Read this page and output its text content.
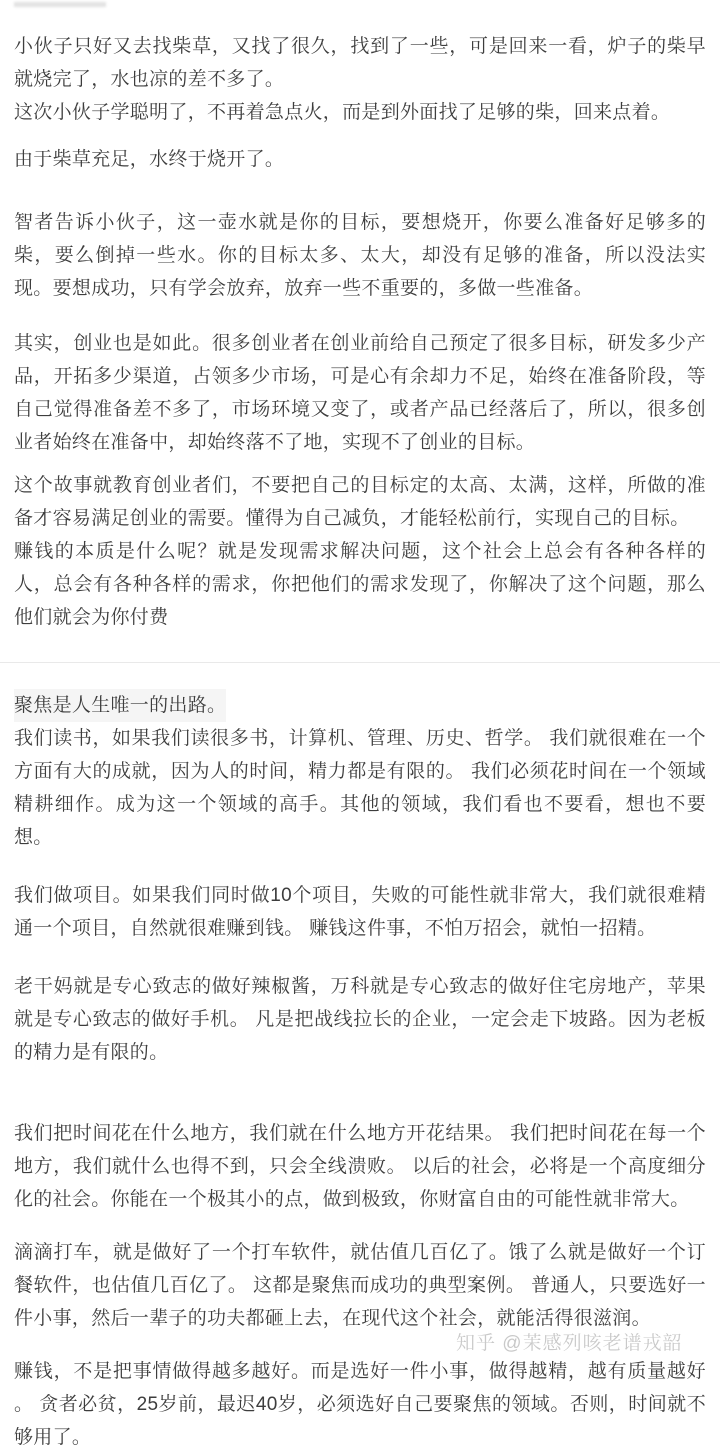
小伙子只好又去找柴草，又找了很久，找到了一些，可是回来一看，炉子的柴早就烧完了，水也凉的差不多了。

这次小伙子学聪明了，不再着急点火，而是到外面找了足够的柴，回来点着。

由于柴草充足，水终于烧开了。

智者告诉小伙子，这一壶水就是你的目标，要想烧开，你要么准备好足够多的柴，要么倒掉一些水。你的目标太多、太大，却没有足够的准备，所以没法实现。要想成功，只有学会放弃，放弃一些不重要的，多做一些准备。

其实，创业也是如此。很多创业者在创业前给自己预定了很多目标，研发多少产品，开拓多少渠道，占领多少市场，可是心有余却力不足，始终在准备阶段，等自己觉得准备差不多了，市场环境又变了，或者产品已经落后了，所以，很多创业者始终在准备中，却始终落不了地，实现不了创业的目标。

这个故事就教育创业者们，不要把自己的目标定的太高、太满，这样，所做的准备才容易满足创业的需要。懂得为自己减负，才能轻松前行，实现自己的目标。

赚钱的本质是什么呢？就是发现需求解决问题，这个社会上总会有各种各样的人，总会有各种各样的需求，你把他们的需求发现了，你解决了这个问题，那么他们就会为你付费

聚焦是人生唯一的出路。

我们读书，如果我们读很多书，计算机、管理、历史、哲学。 我们就很难在一个方面有大的成就，因为人的时间，精力都是有限的。 我们必须花时间在一个领域精耕细作。成为这一个领域的高手。其他的领域，我们看也不要看，想也不要想。

我们做项目。如果我们同时做10个项目，失败的可能性就非常大，我们就很难精通一个项目，自然就很难赚到钱。 赚钱这件事，不怕万招会，就怕一招精。

老干妈就是专心致志的做好辣椒酱，万科就是专心致志的做好住宅房地产，苹果就是专心致志的做好手机。 凡是把战线拉长的企业，一定会走下坡路。因为老板的精力是有限的。

我们把时间花在什么地方，我们就在什么地方开花结果。 我们把时间花在每一个地方，我们就什么也得不到，只会全线溃败。 以后的社会，必将是一个高度细分化的社会。你能在一个极其小的点，做到极致，你财富自由的可能性就非常大。

滴滴打车，就是做好了一个打车软件，就估值几百亿了。饿了么就是做好一个订餐软件，也估值几百亿了。 这都是聚焦而成功的典型案例。 普通人，只要选好一件小事，然后一辈子的功夫都砸上去，在现代这个社会，就能活得很滋润。

赚钱，不是把事情做得越多越好。而是选好一件小事，做得越精，越有质量越好 。 贪者必贫，25岁前，最迟40岁，必须选好自己要聚焦的领域。否则，时间就不够用了。

知乎 @茉感列咳老谱戎韶
